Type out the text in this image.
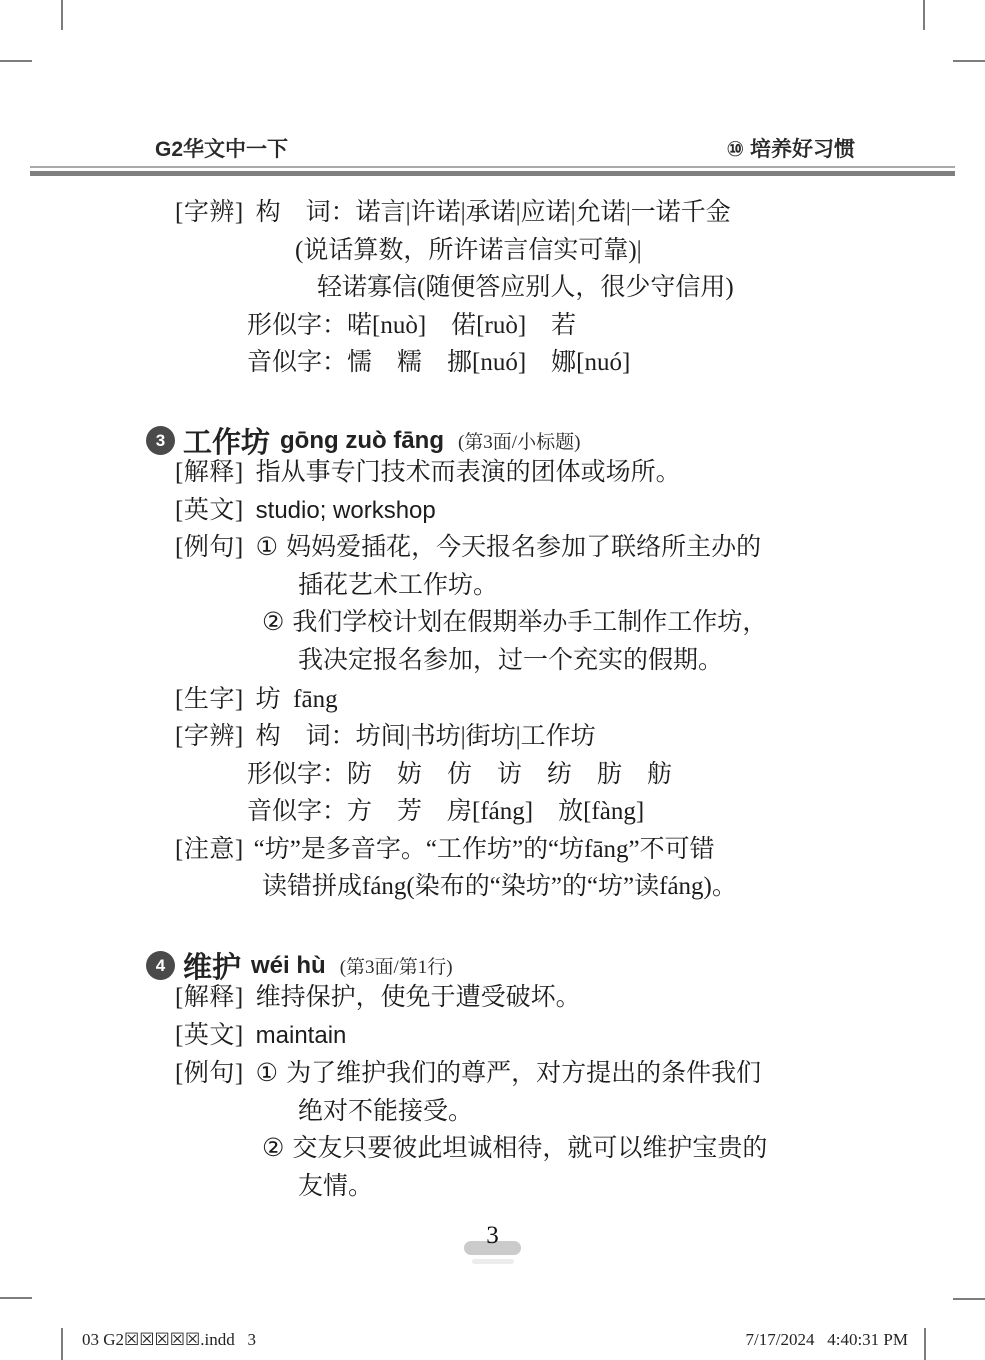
G2华文中一下	⑩ 培养好习惯
[字辨] 构　词：诺言|许诺|承诺|应诺|允诺|一诺千金
(说话算数，所许诺言信实可靠)|
轻诺寡信(随便答应别人，很少守信用)
形似字：喏[nuò]　偌[ruò]　若
音似字：懦　糯　挪[nuó]　娜[nuó]
3 工作坊 gōng zuò fāng (第3面/小标题)
[解释] 指从事专门技术而表演的团体或场所。
[英文] studio; workshop
[例句] ① 妈妈爱插花，今天报名参加了联络所主办的
插花艺术工作坊。
② 我们学校计划在假期举办手工制作工作坊，
我决定报名参加，过一个充实的假期。
[生字] 坊  fāng
[字辨] 构　词：坊间|书坊|街坊|工作坊
形似字：防　妨　仿　访　纺　肪　舫
音似字：方　芳　房[fáng]　放[fàng]
[注意] “坊”是多音字。“工作坊”的“坊fāng”不可错
读错拼成fáng(染布的“染坊”的“坊”读fáng)。
4 维护 wéi hù (第3面/第1行)
[解释] 维持保护，使免于遭受破坏。
[英文] maintain
[例句] ① 为了维护我们的尊严，对方提出的条件我们
绝对不能接受。
② 交友只要彼此坦诚相待，就可以维护宝贵的
友情。
3
03 G2☒☒☒☒☒.indd   3	7/17/2024   4:40:31 PM
